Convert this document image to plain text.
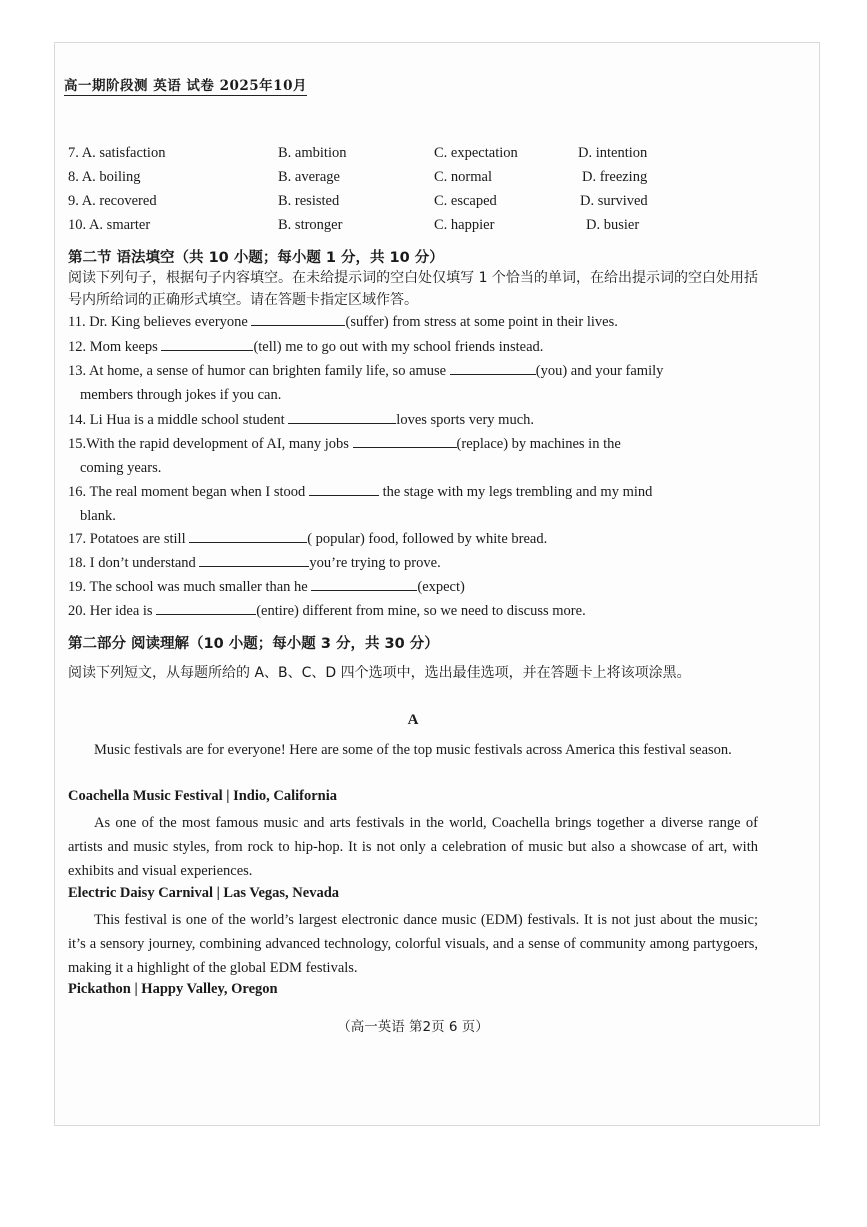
高一期阶段测 英语 试卷 2025年10月
7. A. satisfaction	B. ambition	C. expectation	D. intention
8. A. boiling	B. average	C. normal	D. freezing
9. A. recovered	B. resisted	C. escaped	D. survived
10. A. smarter	B. stronger	C. happier	D. busier
第二节 语法填空（共 10 小题；每小题 1 分，共 10 分）
阅读下列句子，根据句子内容填空。在未给提示词的空白处仅填写 1 个恰当的单词，在给出提示词的空白处用括号内所给词的正确形式填空。请在答题卡指定区域作答。
11. Dr. King believes everyone	(suffer) from stress at some point in their lives.
12. Mom keeps	(tell) me to go out with my school friends instead.
13. At home, a sense of humor can brighten family life, so amuse	(you) and your family
members through jokes if you can.
14. Li Hua is a middle school student	loves sports very much.
15.With the rapid development of AI, many jobs	(replace) by machines in the
coming years.
16. The real moment began when I stood	the stage with my legs trembling and my mind
blank.
17. Potatoes are still	( popular) food, followed by white bread.
18. I don’t understand	you’re trying to prove.
19. The school was much smaller than he	(expect)
20. Her idea is	(entire) different from mine, so we need to discuss more.
第二部分 阅读理解（10 小题；每小题 3 分，共 30 分）
阅读下列短文，从每题所给的 A、B、C、D 四个选项中，选出最佳选项，并在答题卡上将该项涂黑。
A
Music festivals are for everyone! Here are some of the top music festivals across America this festival season.
Coachella Music Festival | Indio, California
As one of the most famous music and arts festivals in the world, Coachella brings together a diverse range of artists and music styles, from rock to hip-hop. It is not only a celebration of music but also a showcase of art, with exhibits and visual experiences.
Electric Daisy Carnival | Las Vegas, Nevada
This festival is one of the world’s largest electronic dance music (EDM) festivals. It is not just about the music; it’s a sensory journey, combining advanced technology, colorful visuals, and a sense of community among partygoers, making it a highlight of the global EDM festivals.
Pickathon | Happy Valley, Oregon
（高一英语 第2页 6 页）
